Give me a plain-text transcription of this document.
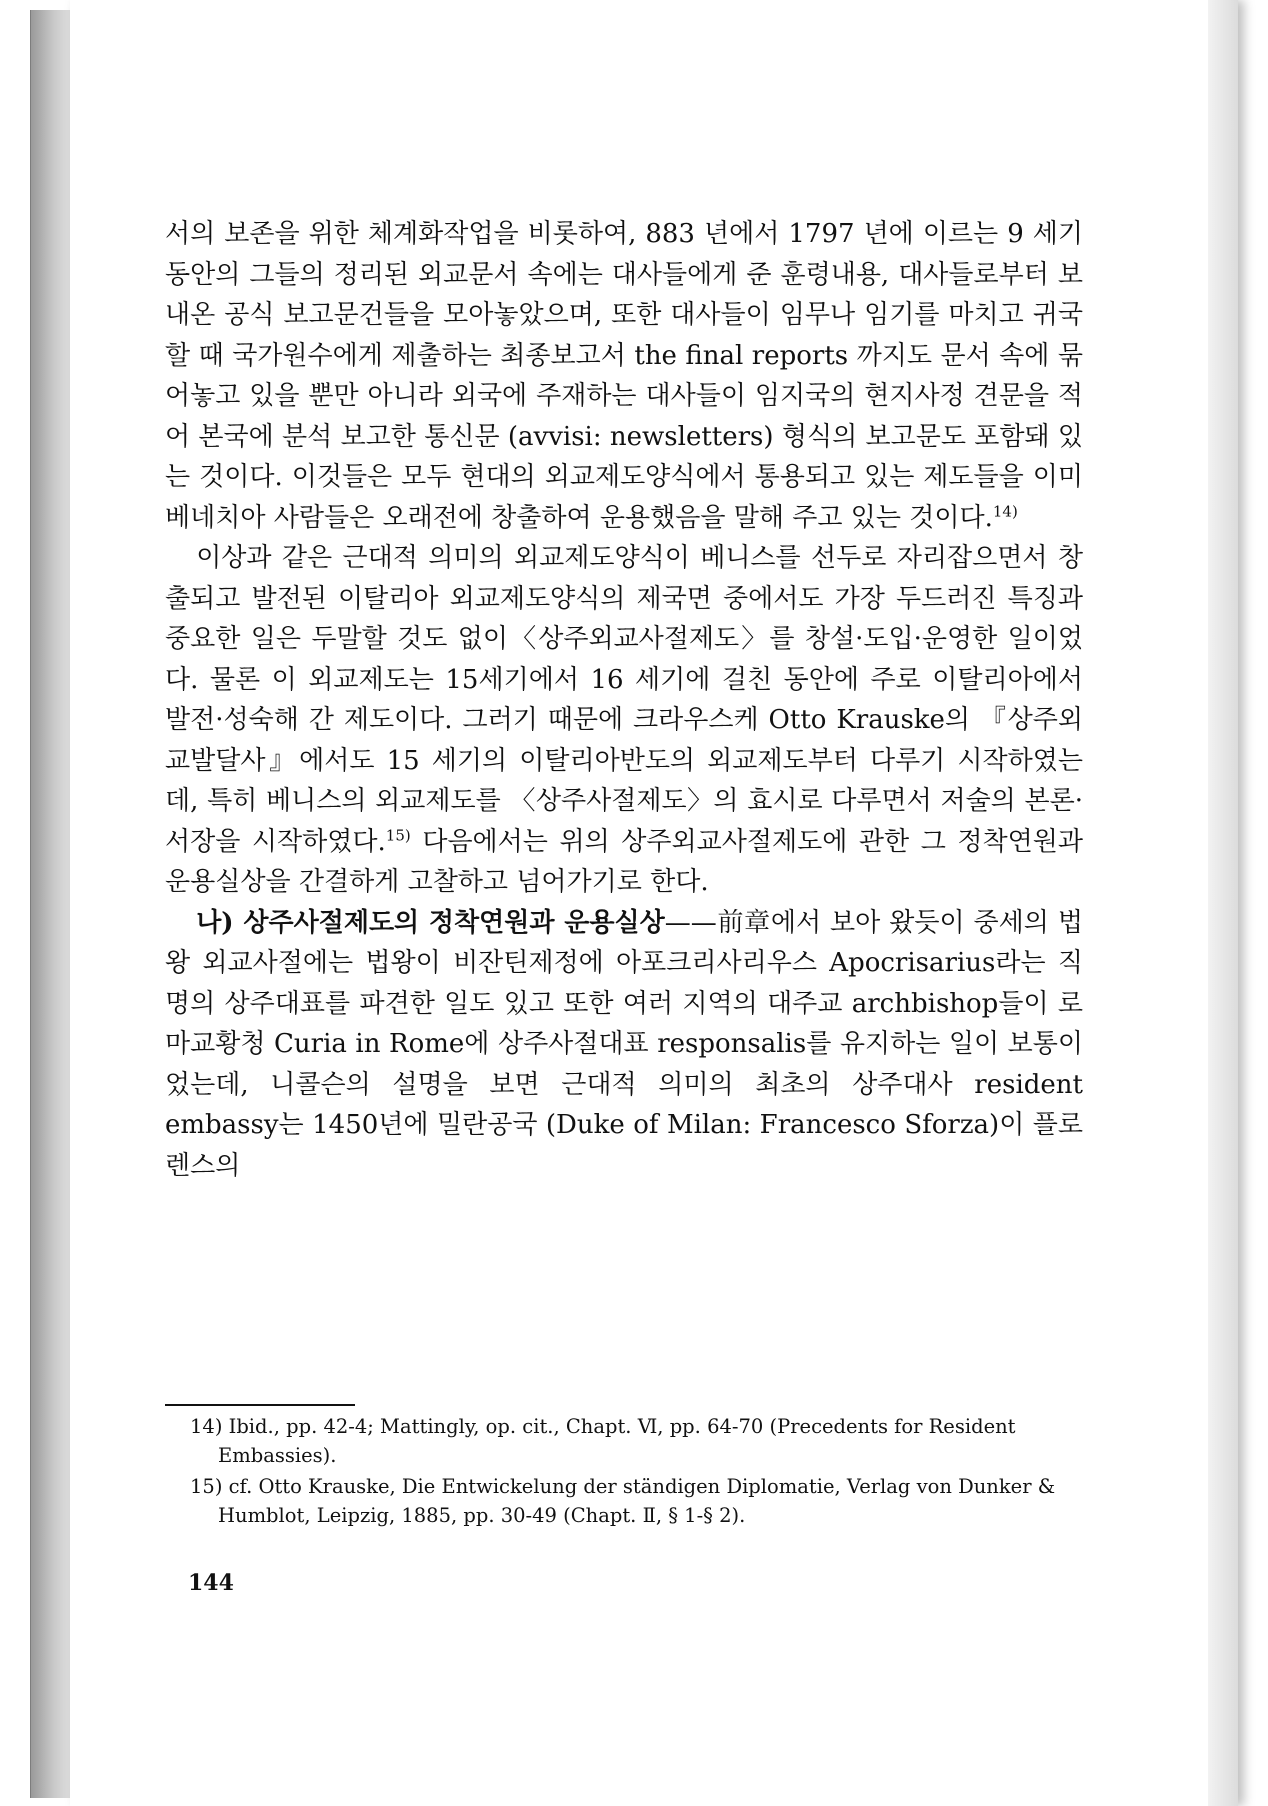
서의 보존을 위한 체계화작업을 비롯하여, 883 년에서 1797 년에 이르는 9 세기 동안의 그들의 정리된 외교문서 속에는 대사들에게 준 훈령내용, 대사들로부터 보내온 공식 보고문건들을 모아놓았으며, 또한 대사들이 임무나 임기를 마치고 귀국할 때 국가원수에게 제출하는 최종보고서 the final reports 까지도 문서 속에 묶어놓고 있을 뿐만 아니라 외국에 주재하는 대사들이 임지국의 현지사정 견문을 적어 본국에 분석 보고한 통신문 (avvisi: newsletters) 형식의 보고문도 포함돼 있는 것이다. 이것들은 모두 현대의 외교제도양식에서 통용되고 있는 제도들을 이미 베네치아 사람들은 오래전에 창출하여 운용했음을 말해 주고 있는 것이다.$^{14)}$

이상과 같은 근대적 의미의 외교제도양식이 베니스를 선두로 자리잡으면서 창출되고 발전된 이탈리아 외교제도양식의 제국면 중에서도 가장 두드러진 특징과 중요한 일은 두말할 것도 없이〈상주외교사절제도〉를 창설·도입·운영한 일이었다. 물론 이 외교제도는 15세기에서 16 세기에 걸친 동안에 주로 이탈리아에서 발전·성숙해 간 제도이다. 그러기 때문에 크라우스케 Otto Krauske의 『상주외교발달사』에서도 15 세기의 이탈리아반도의 외교제도부터 다루기 시작하였는데, 특히 베니스의 외교제도를 〈상주사절제도〉의 효시로 다루면서 저술의 본론·서장을 시작하였다.$^{15)}$ 다음에서는 위의 상주외교사절제도에 관한 그 정착연원과 운용실상을 간결하게 고찰하고 넘어가기로 한다.

나) 상주사절제도의 정착연원과 운용실상——前章에서 보아 왔듯이 중세의 법왕 외교사절에는 법왕이 비잔틴제정에 아포크리사리우스 Apocrisarius라는 직명의 상주대표를 파견한 일도 있고 또한 여러 지역의 대주교 archbishop들이 로마교황청 Curia in Rome에 상주사절대표 responsalis를 유지하는 일이 보통이었는데, 니콜슨의 설명을 보면 근대적 의미의 최초의 상주대사 resident embassy는 1450년에 밀란공국 (Duke of Milan: Francesco Sforza)이 플로렌스의

14) Ibid., pp. 42-4; Mattingly, op. cit., Chapt. Ⅵ, pp. 64-70 (Precedents for Resident Embassies).

15) cf. Otto Krauske, Die Entwickelung der ständigen Diplomatie, Verlag von Dunker & Humblot, Leipzig, 1885, pp. 30-49 (Chapt. Ⅱ, § 1-§ 2).

144
